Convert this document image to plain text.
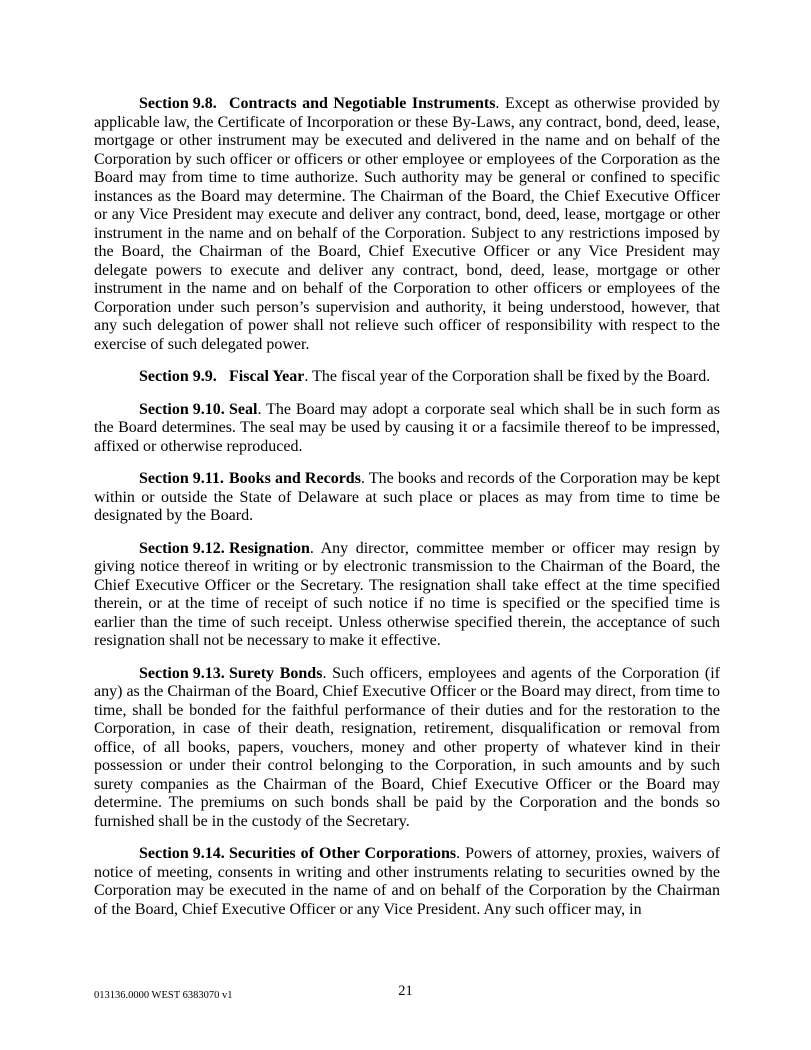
Section 9.8. Contracts and Negotiable Instruments. Except as otherwise provided by applicable law, the Certificate of Incorporation or these By-Laws, any contract, bond, deed, lease, mortgage or other instrument may be executed and delivered in the name and on behalf of the Corporation by such officer or officers or other employee or employees of the Corporation as the Board may from time to time authorize. Such authority may be general or confined to specific instances as the Board may determine. The Chairman of the Board, the Chief Executive Officer or any Vice President may execute and deliver any contract, bond, deed, lease, mortgage or other instrument in the name and on behalf of the Corporation. Subject to any restrictions imposed by the Board, the Chairman of the Board, Chief Executive Officer or any Vice President may delegate powers to execute and deliver any contract, bond, deed, lease, mortgage or other instrument in the name and on behalf of the Corporation to other officers or employees of the Corporation under such person’s supervision and authority, it being understood, however, that any such delegation of power shall not relieve such officer of responsibility with respect to the exercise of such delegated power.

Section 9.9. Fiscal Year. The fiscal year of the Corporation shall be fixed by the Board.

Section 9.10. Seal. The Board may adopt a corporate seal which shall be in such form as the Board determines. The seal may be used by causing it or a facsimile thereof to be impressed, affixed or otherwise reproduced.

Section 9.11. Books and Records. The books and records of the Corporation may be kept within or outside the State of Delaware at such place or places as may from time to time be designated by the Board.

Section 9.12. Resignation. Any director, committee member or officer may resign by giving notice thereof in writing or by electronic transmission to the Chairman of the Board, the Chief Executive Officer or the Secretary. The resignation shall take effect at the time specified therein, or at the time of receipt of such notice if no time is specified or the specified time is earlier than the time of such receipt. Unless otherwise specified therein, the acceptance of such resignation shall not be necessary to make it effective.

Section 9.13. Surety Bonds. Such officers, employees and agents of the Corporation (if any) as the Chairman of the Board, Chief Executive Officer or the Board may direct, from time to time, shall be bonded for the faithful performance of their duties and for the restoration to the Corporation, in case of their death, resignation, retirement, disqualification or removal from office, of all books, papers, vouchers, money and other property of whatever kind in their possession or under their control belonging to the Corporation, in such amounts and by such surety companies as the Chairman of the Board, Chief Executive Officer or the Board may determine. The premiums on such bonds shall be paid by the Corporation and the bonds so furnished shall be in the custody of the Secretary.

Section 9.14. Securities of Other Corporations. Powers of attorney, proxies, waivers of notice of meeting, consents in writing and other instruments relating to securities owned by the Corporation may be executed in the name of and on behalf of the Corporation by the Chairman of the Board, Chief Executive Officer or any Vice President. Any such officer may, in

21
013136.0000 WEST 6383070 v1
